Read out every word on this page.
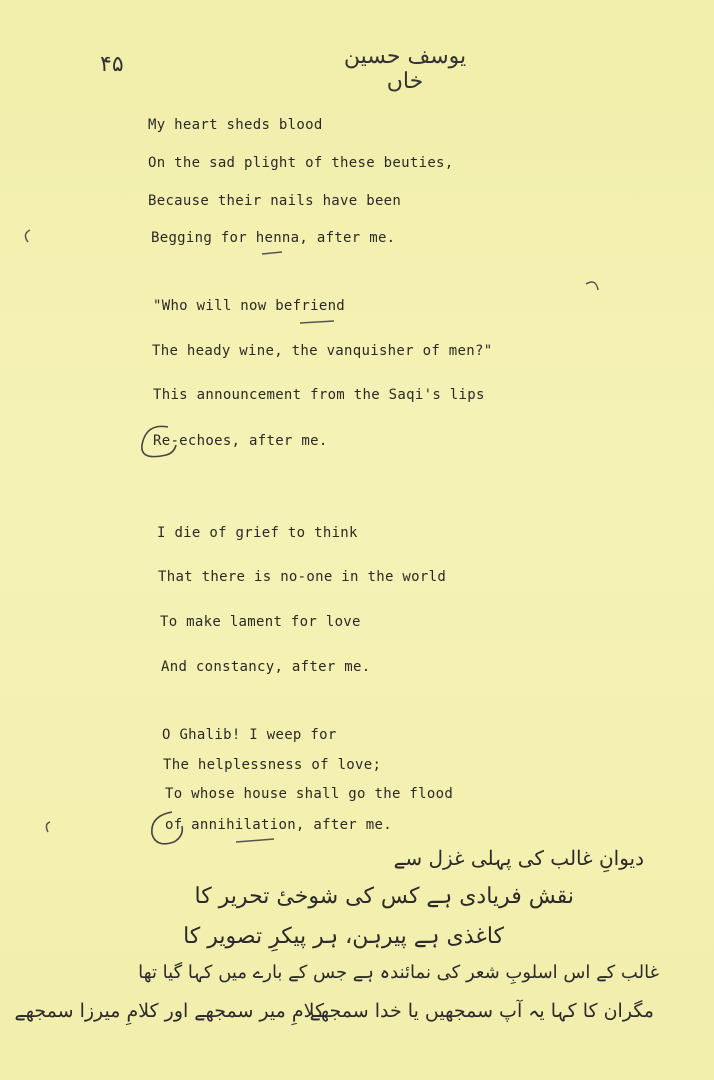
۴۵	یوسف حسین خاں
My heart sheds blood
On the sad plight of these beuties,
Because their nails have been
Begging for henna, after me.
"Who will now befriend
The heady wine, the vanquisher of men?"
This announcement from the Saqi's lips
Re-echoes, after me.
I die of grief to think
That there is no-one in the world
To make lament for love
And constancy, after me.
O Ghalib! I weep for
The helplessness of love;
To whose house shall go the flood
of annihilation, after me.
دیوانِ غالب کی پہلی غزل سے
نقش فریادی ہے کس کی شوخیٔ تحریر کا
کاغذی ہے پیرہن، ہر پیکرِ تصویر کا
غالب کے اس اسلوبِ شعر کی نمائندہ ہے جس کے بارے میں کہا گیا تھا
مگران کا کہا یہ آپ سمجھیں یا خدا سمجھے
کلامِ میر سمجھے اور کلامِ میرزا سمجھے
